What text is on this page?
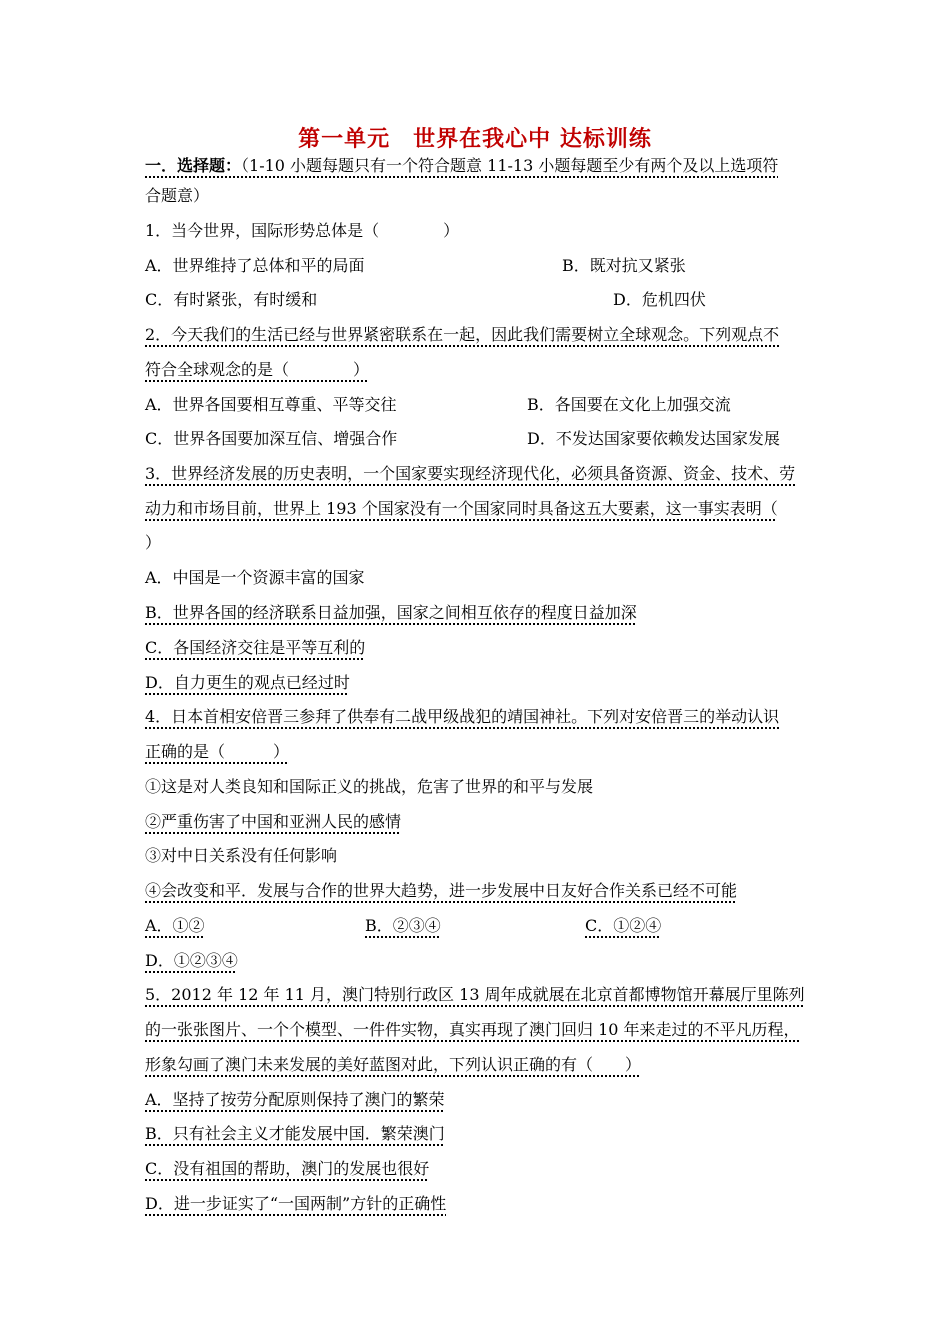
第一单元　世界在我心中 达标训练
一．选择题：（1-10 小题每题只有一个符合题意 11-13 小题每题至少有两个及以上选项符
合题意）
1．当今世界，国际形势总体是（　　　　）
A．世界维持了总体和平的局面	B．既对抗又紧张
C．有时紧张，有时缓和	D．危机四伏
2．今天我们的生活已经与世界紧密联系在一起，因此我们需要树立全球观念。下列观点不
符合全球观念的是（　　　　）
A．世界各国要相互尊重、平等交往	B．各国要在文化上加强交流
C．世界各国要加深互信、增强合作	D．不发达国家要依赖发达国家发展
3．世界经济发展的历史表明，一个国家要实现经济现代化，必须具备资源、资金、技术、劳
动力和市场目前，世界上 193 个国家没有一个国家同时具备这五大要素，这一事实表明（
）
A．中国是一个资源丰富的国家
B．世界各国的经济联系日益加强，国家之间相互依存的程度日益加深
C．各国经济交往是平等互利的
D．自力更生的观点已经过时
4．日本首相安倍晋三参拜了供奉有二战甲级战犯的靖国神社。下列对安倍晋三的举动认识
正确的是（　　　）
①这是对人类良知和国际正义的挑战，危害了世界的和平与发展
②严重伤害了中国和亚洲人民的感情
③对中日关系没有任何影响
④会改变和平．发展与合作的世界大趋势，进一步发展中日友好合作关系已经不可能
A．①②	B．②③④	C．①②④
D．①②③④
5．2012 年 12 年 11 月，澳门特别行政区 13 周年成就展在北京首都博物馆开幕展厅里陈列
的一张张图片、一个个模型、一件件实物，真实再现了澳门回归 10 年来走过的不平凡历程，
形象勾画了澳门未来发展的美好蓝图对此，下列认识正确的有（　　）
A．坚持了按劳分配原则保持了澳门的繁荣
B．只有社会主义才能发展中国．繁荣澳门
C．没有祖国的帮助，澳门的发展也很好
D．进一步证实了“一国两制”方针的正确性
